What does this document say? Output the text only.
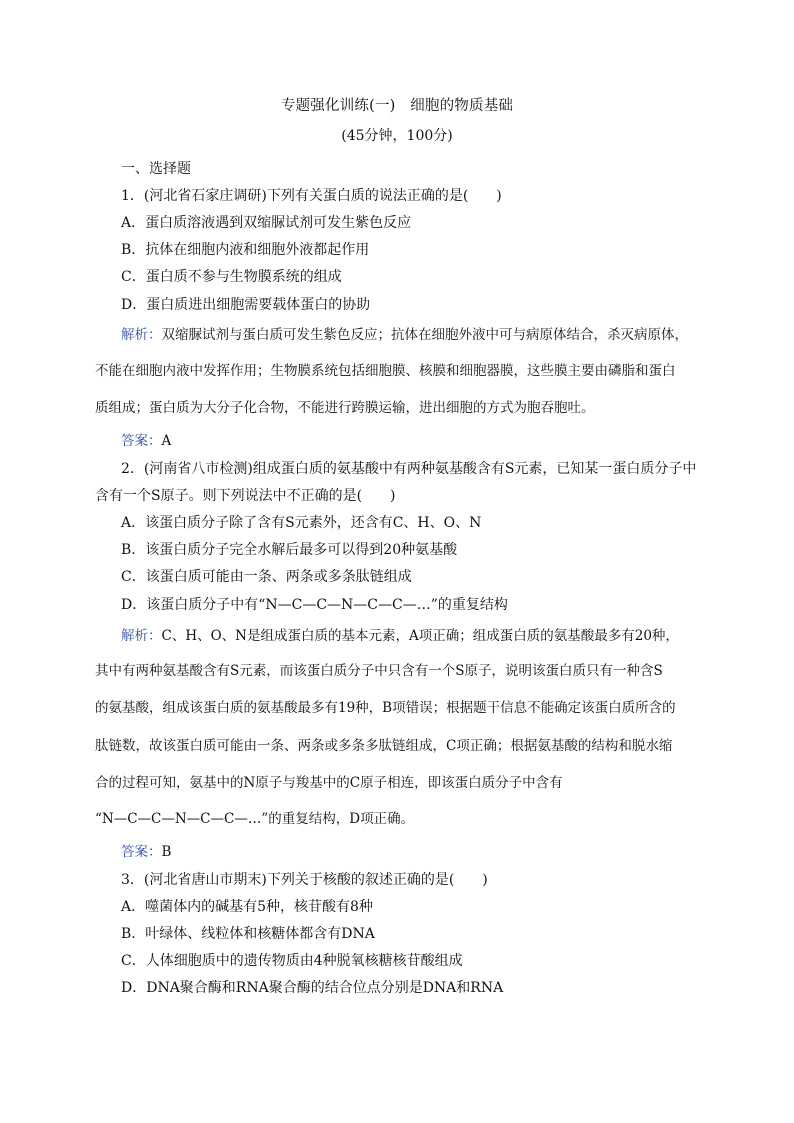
专题强化训练(一)　细胞的物质基础
(45分钟，100分)
一、选择题
1．(河北省石家庄调研)下列有关蛋白质的说法正确的是(　　)
A．蛋白质溶液遇到双缩脲试剂可发生紫色反应
B．抗体在细胞内液和细胞外液都起作用
C．蛋白质不参与生物膜系统的组成
D．蛋白质进出细胞需要载体蛋白的协助
解析：双缩脲试剂与蛋白质可发生紫色反应；抗体在细胞外液中可与病原体结合，杀灭病原体，
不能在细胞内液中发挥作用；生物膜系统包括细胞膜、核膜和细胞器膜，这些膜主要由磷脂和蛋白
质组成；蛋白质为大分子化合物，不能进行跨膜运输，进出细胞的方式为胞吞胞吐。
答案：A
2．(河南省八市检测)组成蛋白质的氨基酸中有两种氨基酸含有S元素，已知某一蛋白质分子中
含有一个S原子。则下列说法中不正确的是(　　)
A．该蛋白质分子除了含有S元素外，还含有C、H、O、N
B．该蛋白质分子完全水解后最多可以得到20种氨基酸
C．该蛋白质可能由一条、两条或多条肽链组成
D．该蛋白质分子中有“N—C—C—N—C—C—…”的重复结构
解析：C、H、O、N是组成蛋白质的基本元素，A项正确；组成蛋白质的氨基酸最多有20种，
其中有两种氨基酸含有S元素，而该蛋白质分子中只含有一个S原子，说明该蛋白质只有一种含S
的氨基酸，组成该蛋白质的氨基酸最多有19种，B项错误；根据题干信息不能确定该蛋白质所含的
肽链数，故该蛋白质可能由一条、两条或多条多肽链组成，C项正确；根据氨基酸的结构和脱水缩
合的过程可知，氨基中的N原子与羧基中的C原子相连，即该蛋白质分子中含有
“N—C—C—N—C—C—…”的重复结构，D项正确。
答案：B
3．(河北省唐山市期末)下列关于核酸的叙述正确的是(　　)
A．噬菌体内的碱基有5种，核苷酸有8种
B．叶绿体、线粒体和核糖体都含有DNA
C．人体细胞质中的遗传物质由4种脱氧核糖核苷酸组成
D．DNA聚合酶和RNA聚合酶的结合位点分别是DNA和RNA
